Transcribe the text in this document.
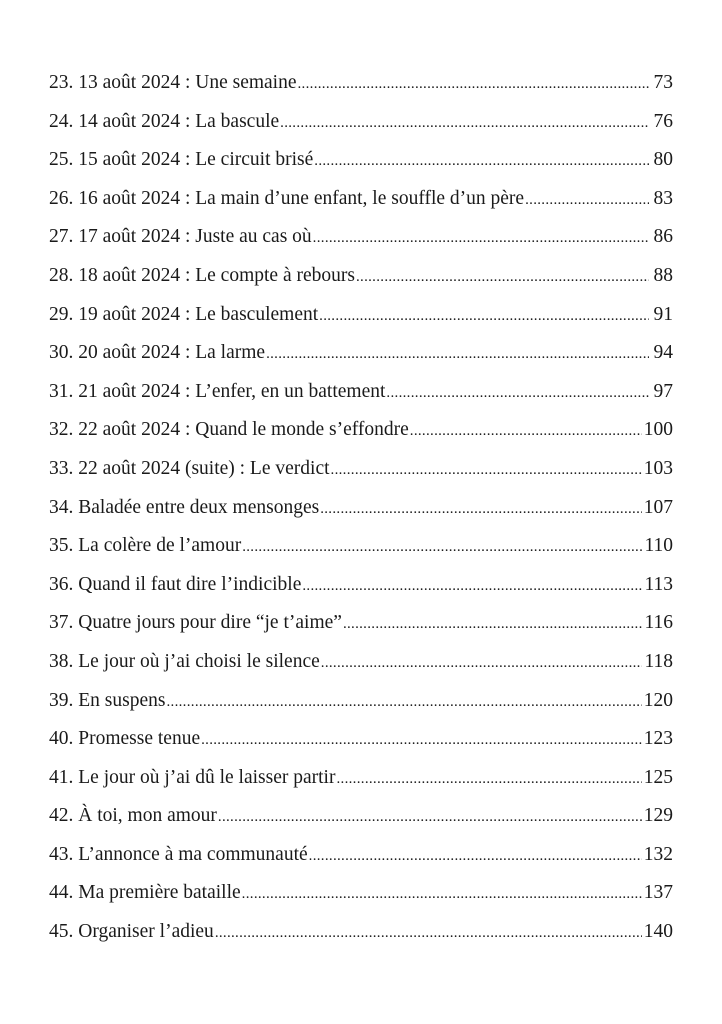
23. 13 août 2024 : Une semaine .....	73
24. 14 août 2024 : La bascule .....	76
25. 15 août 2024 : Le circuit brisé .....	80
26. 16 août 2024 : La main d’une enfant, le souffle d’un père .....	83
27. 17 août 2024 : Juste au cas où .....	86
28. 18 août 2024 : Le compte à rebours .....	88
29. 19 août 2024 : Le basculement .....	91
30. 20 août 2024 : La larme .....	94
31. 21 août 2024 : L’enfer, en un battement .....	97
32. 22 août 2024 : Quand le monde s’effondre .....	100
33. 22 août 2024 (suite) : Le verdict .....	103
34. Baladée entre deux mensonges .....	107
35. La colère de l’amour .....	110
36. Quand il faut dire l’indicible .....	113
37. Quatre jours pour dire “je t’aime” .....	116
38. Le jour où j’ai choisi le silence .....	118
39. En suspens .....	120
40. Promesse tenue .....	123
41. Le jour où j’ai dû le laisser partir .....	125
42. À toi, mon amour .....	129
43. L’annonce à ma communauté .....	132
44. Ma première bataille .....	137
45. Organiser l’adieu .....	140
